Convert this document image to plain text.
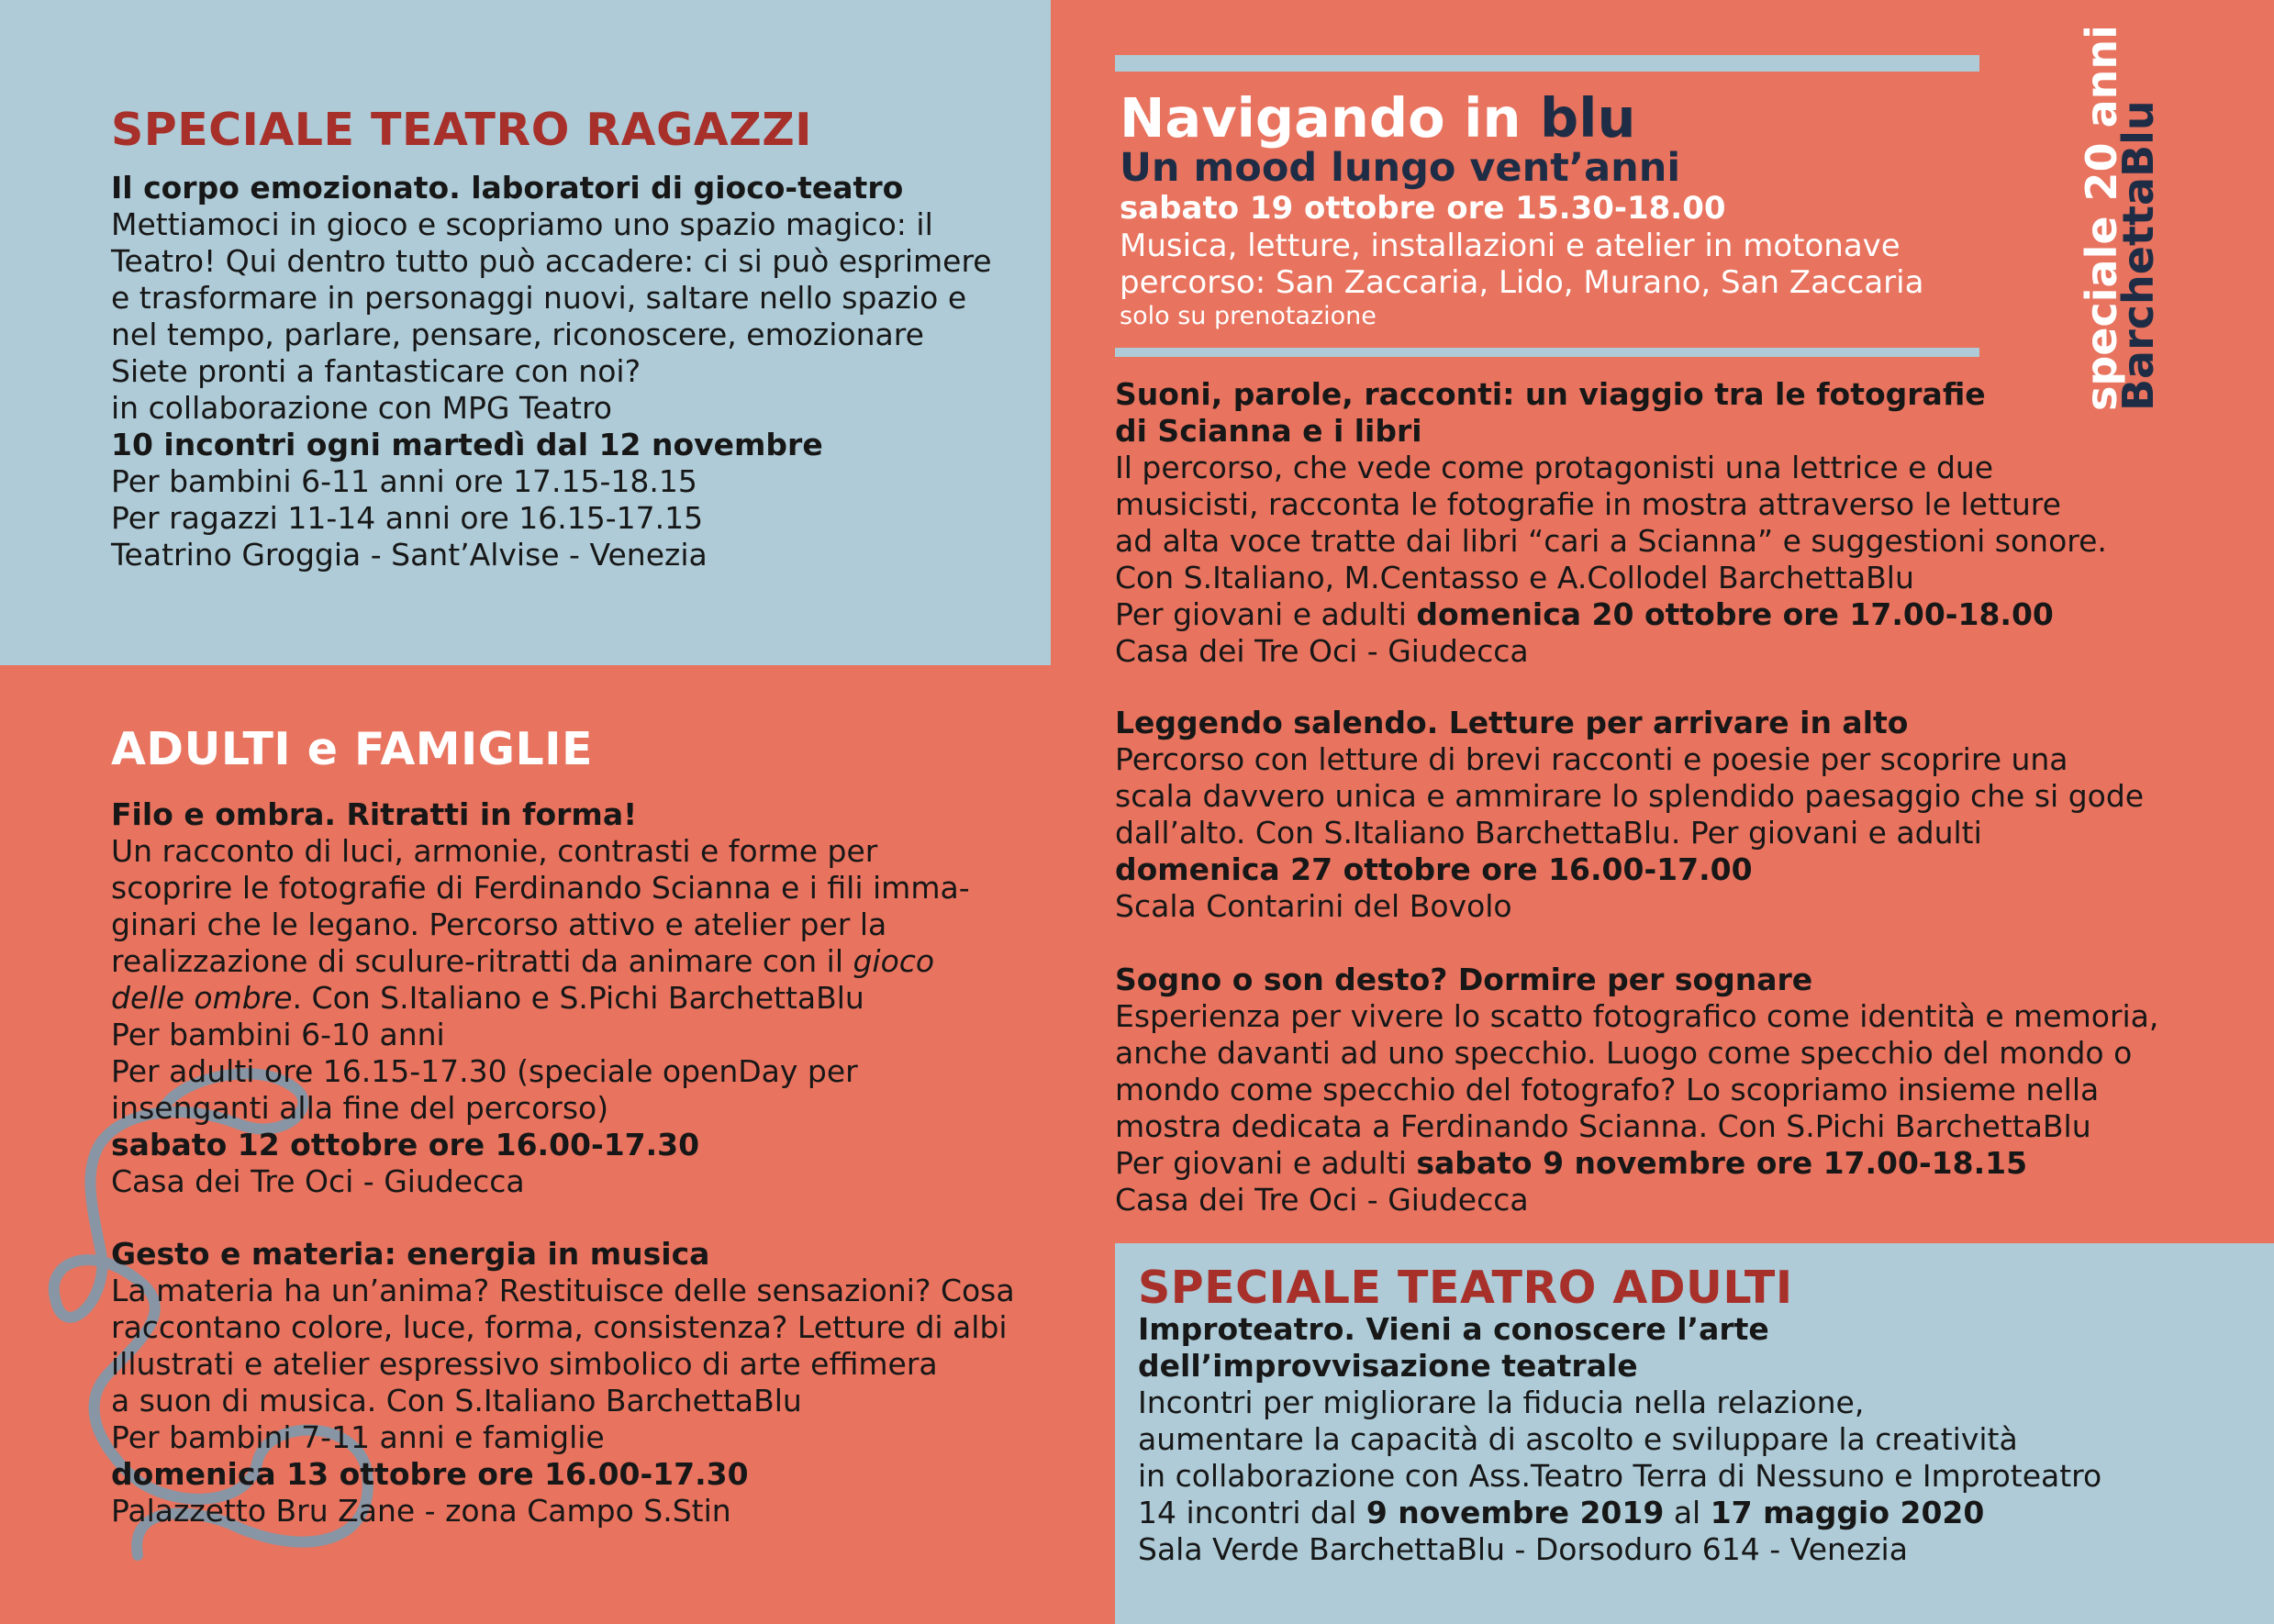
SPECIALE TEATRO RAGAZZI

Il corpo emozionato. laboratori di gioco-teatro

Mettiamoci in gioco e scopriamo uno spazio magico: il

Teatro! Qui dentro tutto può accadere: ci si può esprimere

e trasformare in personaggi nuovi, saltare nello spazio e

nel tempo, parlare, pensare, riconoscere, emozionare

Siete pronti a fantasticare con noi?

in collaborazione con MPG Teatro

10 incontri ogni martedì dal 12 novembre

Per bambini 6-11 anni ore 17.15-18.15

Per ragazzi 11-14 anni ore 16.15-17.15

Teatrino Groggia - Sant’Alvise - Venezia

ADULTI e FAMIGLIE

Filo e ombra. Ritratti in forma!

Un racconto di luci, armonie, contrasti e forme per

scoprire le fotografie di Ferdinando Scianna e i fili imma-

ginari che le legano. Percorso attivo e atelier per la

realizzazione di sculure-ritratti da animare con il gioco

delle ombre. Con S.Italiano e S.Pichi BarchettaBlu

Per bambini 6-10 anni

Per adulti ore 16.15-17.30 (speciale openDay per

insenganti alla fine del percorso)

sabato 12 ottobre ore 16.00-17.30

Casa dei Tre Oci - Giudecca

Gesto e materia: energia in musica

La materia ha un’anima? Restituisce delle sensazioni? Cosa

raccontano colore, luce, forma, consistenza? Letture di albi

illustrati e atelier espressivo simbolico di arte effimera

a suon di musica. Con S.Italiano BarchettaBlu

Per bambini 7-11 anni e famiglie

domenica 13 ottobre ore 16.00-17.30

Palazzetto Bru Zane - zona Campo S.Stin

Navigando in blu
Un mood lungo vent’anni
sabato 19 ottobre ore 15.30-18.00
Musica, letture, installazioni e atelier in motonave
percorso: San Zaccaria, Lido, Murano, San Zaccaria
solo su prenotazione	speciale 20 anni
BarchettaBlu

Suoni, parole, racconti: un viaggio tra le fotografie

di Scianna e i libri

Il percorso, che vede come protagonisti una lettrice e due

musicisti, racconta le fotografie in mostra attraverso le letture

ad alta voce tratte dai libri “cari a Scianna” e suggestioni sonore.

Con S.Italiano, M.Centasso e A.Collodel BarchettaBlu

Per giovani e adulti domenica 20 ottobre ore 17.00-18.00

Casa dei Tre Oci - Giudecca

Leggendo salendo. Letture per arrivare in alto

Percorso con letture di brevi racconti e poesie per scoprire una

scala davvero unica e ammirare lo splendido paesaggio che si gode

dall’alto. Con S.Italiano BarchettaBlu. Per giovani e adulti

domenica 27 ottobre ore 16.00-17.00

Scala Contarini del Bovolo

Sogno o son desto? Dormire per sognare

Esperienza per vivere lo scatto fotografico come identità e memoria,

anche davanti ad uno specchio. Luogo come specchio del mondo o

mondo come specchio del fotografo? Lo scopriamo insieme nella

mostra dedicata a Ferdinando Scianna. Con S.Pichi BarchettaBlu

Per giovani e adulti sabato 9 novembre ore 17.00-18.15

Casa dei Tre Oci - Giudecca

SPECIALE TEATRO ADULTI

Improteatro. Vieni a conoscere l’arte

dell’improvvisazione teatrale

Incontri per migliorare la fiducia nella relazione,

aumentare la capacità di ascolto e sviluppare la creatività

in collaborazione con Ass.Teatro Terra di Nessuno e Improteatro

14 incontri dal 9 novembre 2019 al 17 maggio 2020

Sala Verde BarchettaBlu - Dorsoduro 614 - Venezia
